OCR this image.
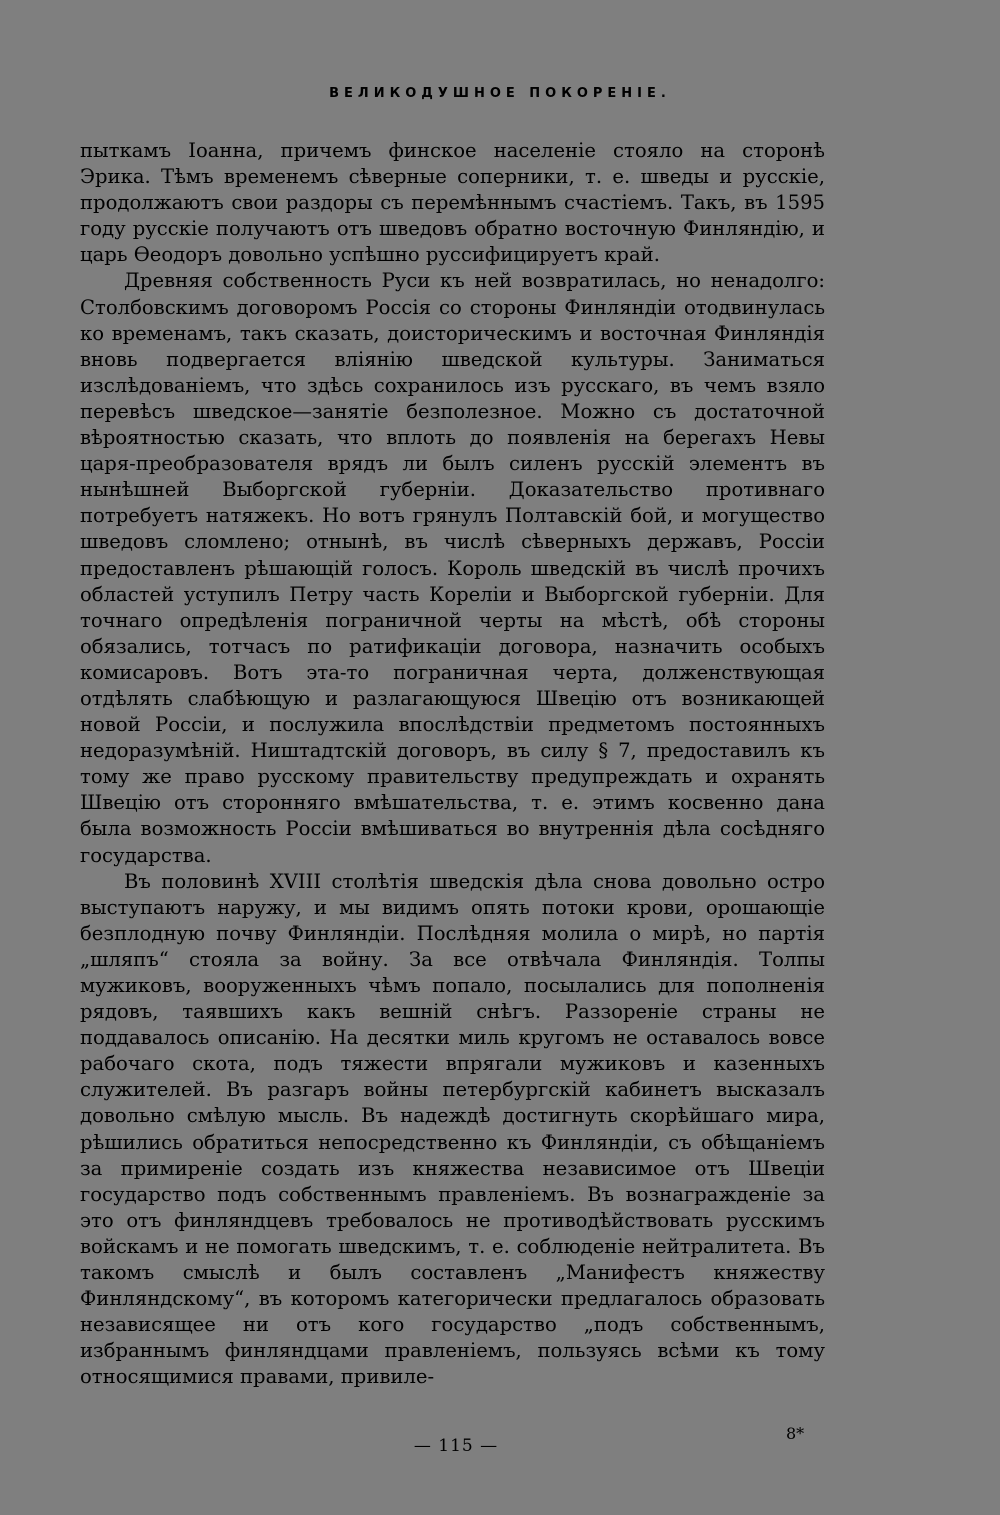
ВЕЛИКОДУШНОЕ ПОКОРЕНІЕ.

пыткамъ Іоанна, причемъ финское населеніе стояло на сторонѣ Эрика. Тѣмъ временемъ сѣверные соперники, т. е. шведы и русскіе, продолжаютъ свои раздоры съ перемѣннымъ счастіемъ. Такъ, въ 1595 году русскіе получаютъ отъ шведовъ обратно восточную Финляндію, и царь Ѳеодоръ довольно успѣшно руссифицируетъ край.

Древняя собственность Руси къ ней возвратилась, но ненадолго: Столбовскимъ договоромъ Россія со стороны Финляндіи отодвинулась ко временамъ, такъ сказать, доисторическимъ и восточная Финляндія вновь подвергается вліянію шведской культуры. Заниматься изслѣдованіемъ, что здѣсь сохранилось изъ русскаго, въ чемъ взяло перевѣсъ шведское—занятіе безполезное. Можно съ достаточной вѣроятностью сказать, что вплоть до появленія на берегахъ Невы царя-преобразователя врядъ ли былъ силенъ русскій элементъ въ нынѣшней Выборгской губерніи. Доказательство противнаго потребуетъ натяжекъ. Но вотъ грянулъ Полтавскій бой, и могущество шведовъ сломлено; отнынѣ, въ числѣ сѣверныхъ державъ, Россіи предоставленъ рѣшающій голосъ. Король шведскій въ числѣ прочихъ областей уступилъ Петру часть Кореліи и Выборгской губерніи. Для точнаго опредѣленія пограничной черты на мѣстѣ, обѣ стороны обязались, тотчасъ по ратификаціи договора, назначить особыхъ комисаровъ. Вотъ эта-то пограничная черта, долженствующая отдѣлять слабѣющую и разлагающуюся Швецію отъ возникающей новой Россіи, и послужила впослѣдствіи предметомъ постоянныхъ недоразумѣній. Ништадтскій договоръ, въ силу § 7, предоставилъ къ тому же право русскому правительству предупреждать и охранять Швецію отъ сторонняго вмѣшательства, т. е. этимъ косвенно дана была возможность Россіи вмѣшиваться во внутреннія дѣла сосѣдняго государства.

Въ половинѣ XVIII столѣтія шведскія дѣла снова довольно остро выступаютъ наружу, и мы видимъ опять потоки крови, орошающіе безплодную почву Финляндіи. Послѣдняя молила о мирѣ, но партія „шляпъ“ стояла за войну. За все отвѣчала Финляндія. Толпы мужиковъ, вооруженныхъ чѣмъ попало, посылались для пополненія рядовъ, таявшихъ какъ вешній снѣгъ. Раззореніе страны не поддавалось описанію. На десятки миль кругомъ не оставалось вовсе рабочаго скота, подъ тяжести впрягали мужиковъ и казенныхъ служителей. Въ разгаръ войны петербургскій кабинетъ высказалъ довольно смѣлую мысль. Въ надеждѣ достигнуть скорѣйшаго мира, рѣшились обратиться непосредственно къ Финляндіи, съ обѣщаніемъ за примиреніе создать изъ княжества независимое отъ Швеціи государство подъ собственнымъ правленіемъ. Въ вознагражденіе за это отъ финляндцевъ требовалось не противодѣйствовать русскимъ войскамъ и не помогать шведскимъ, т. е. соблюденіе нейтралитета. Въ такомъ смыслѣ и былъ составленъ „Манифестъ княжеству Финляндскому“, въ которомъ категорически предлагалось образовать независящее ни отъ кого государство „подъ собственнымъ, избраннымъ финляндцами правленіемъ, пользуясь всѣми къ тому относящимися правами, привиле-

8*
— 115 —
